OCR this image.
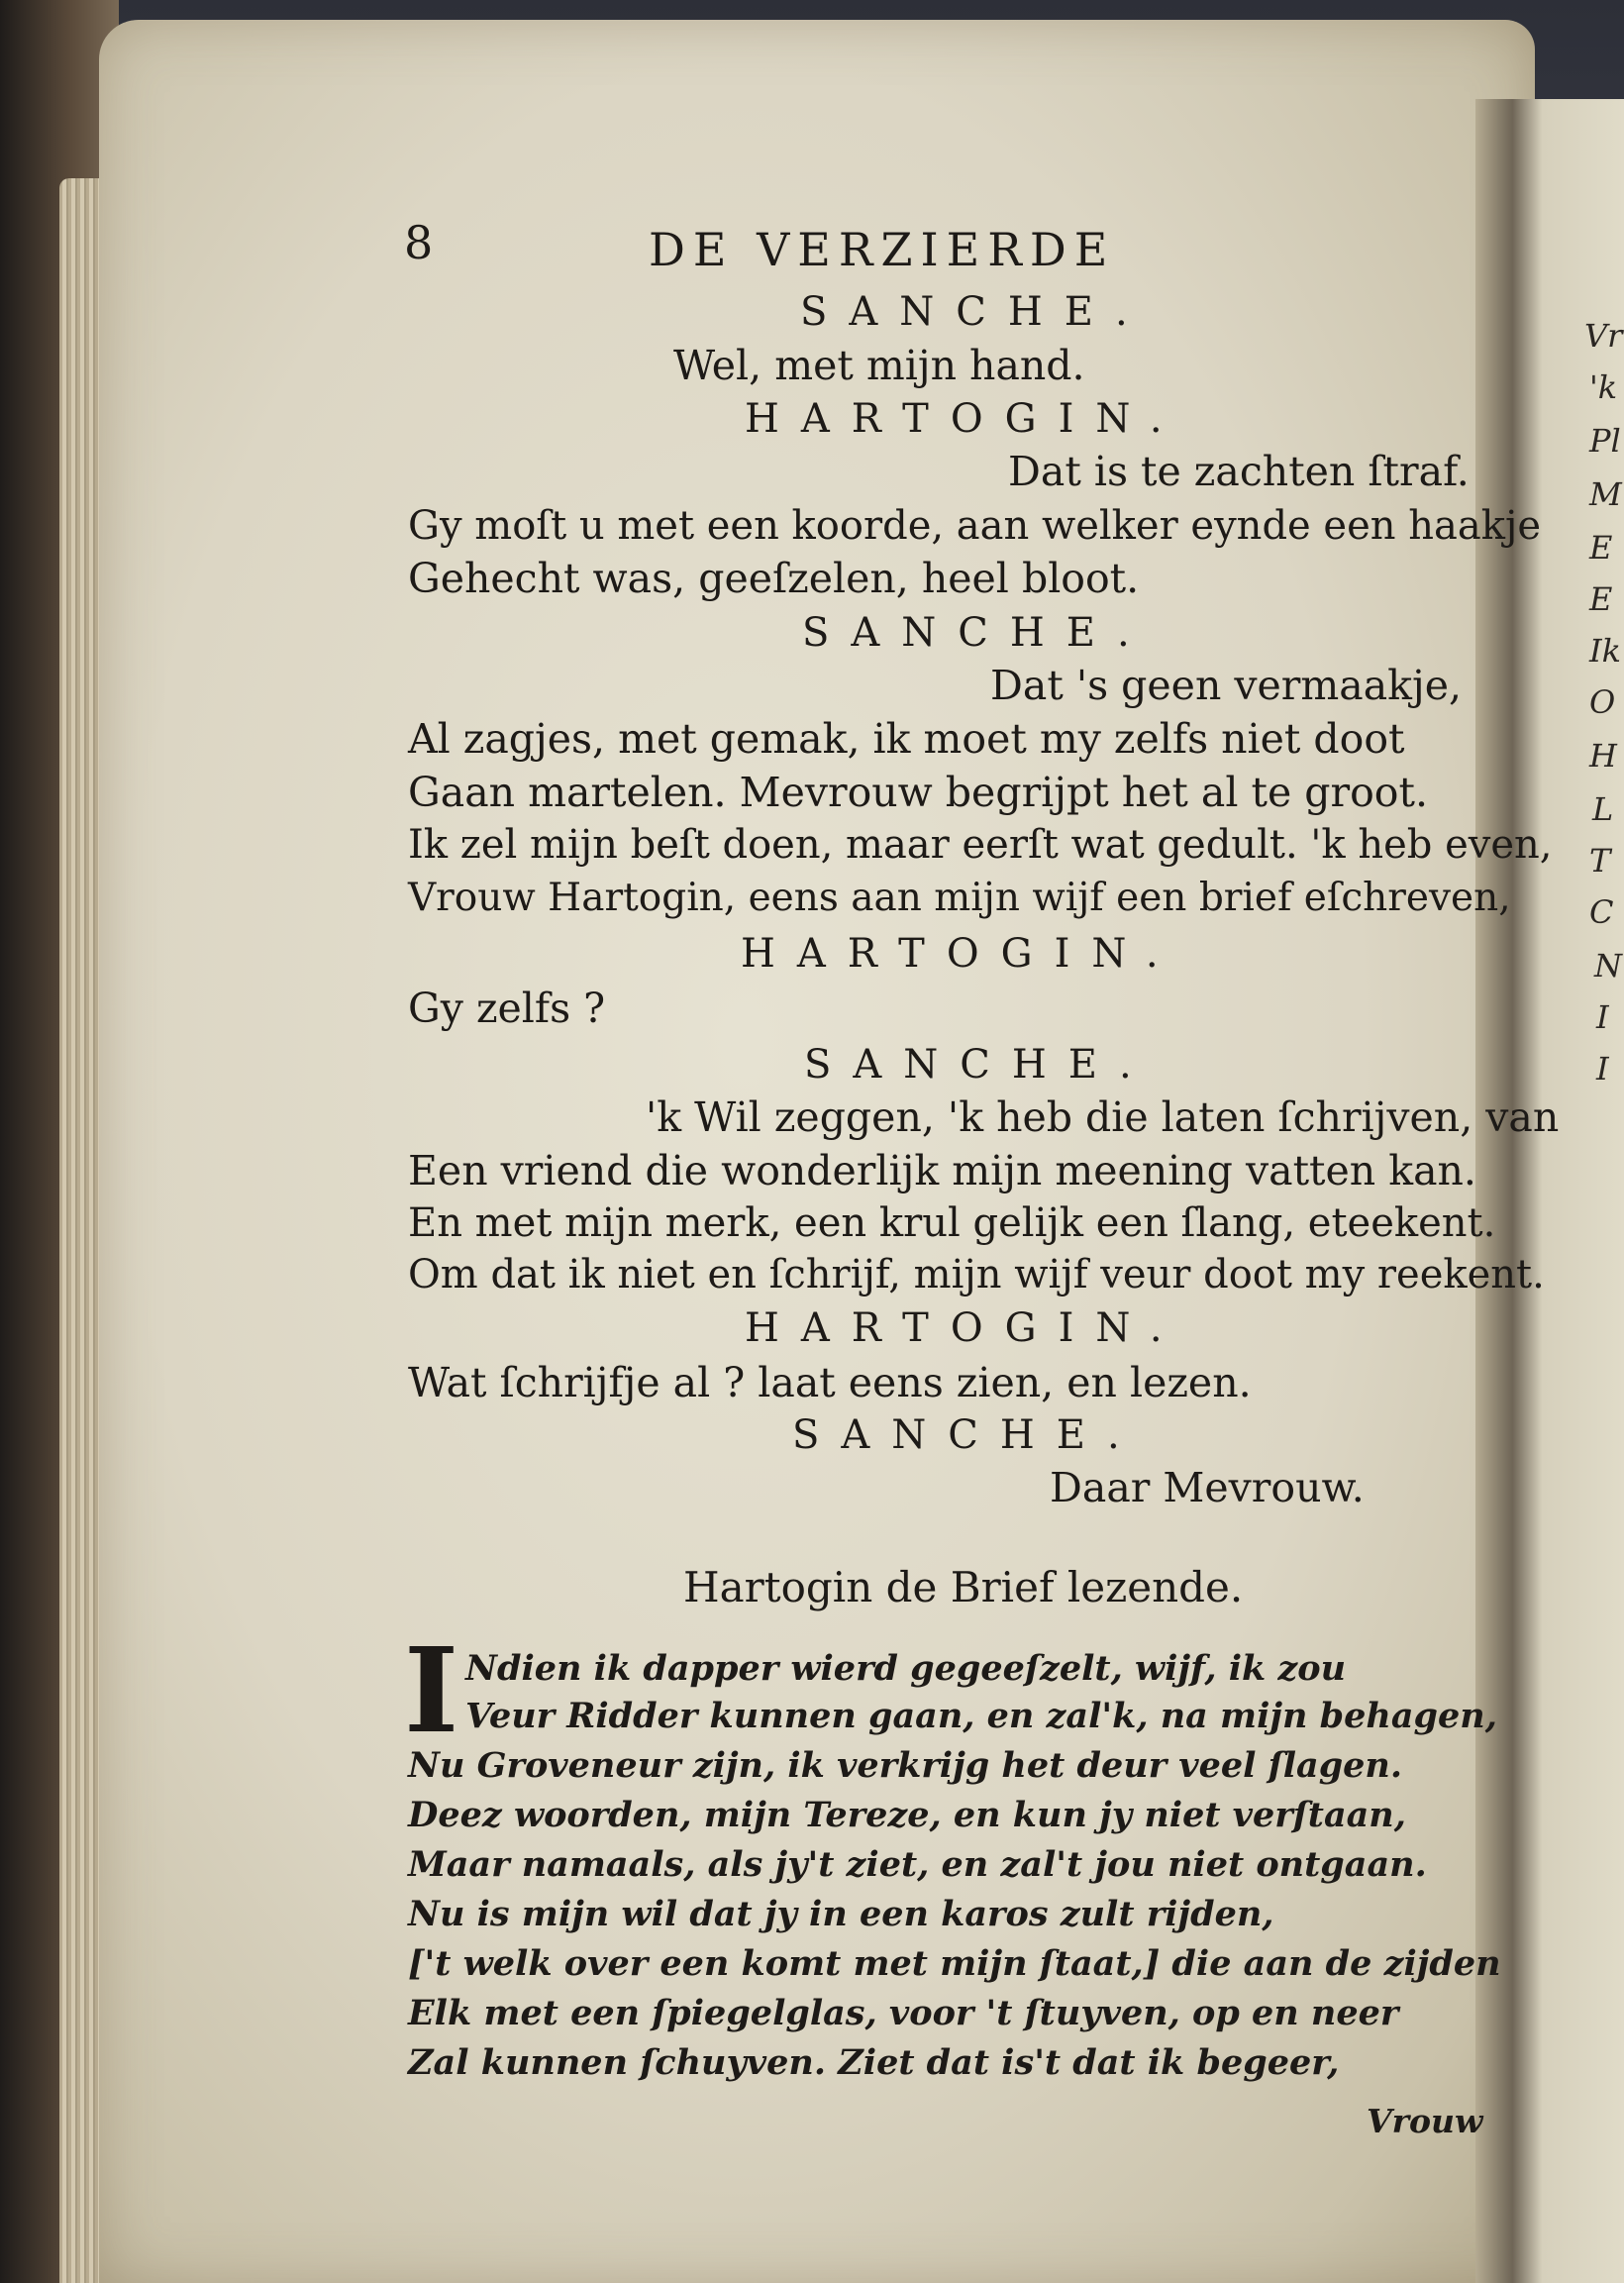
8	DE VERZIERDE
SANCHE.
Wel, met mijn hand.
HARTOGIN.
Dat is te zachten ſtraf.
Gy moſt u met een koorde, aan welker eynde een haakje
Gehecht was, geeſzelen, heel bloot.
SANCHE.
Dat 's geen vermaakje,
Al zagjes, met gemak, ik moet my zelfs niet doot
Gaan martelen. Mevrouw begrijpt het al te groot.
Ik zel mijn beſt doen, maar eerſt wat gedult. 'k heb even,
Vrouw Hartogin, eens aan mijn wijf een brief eſchreven,
HARTOGIN.
Gy zelfs ?
SANCHE.
'k Wil zeggen, 'k heb die laten ſchrijven, van
Een vriend die wonderlijk mijn meening vatten kan.
En met mijn merk, een krul gelijk een ſlang, eteekent.
Om dat ik niet en ſchrijf, mijn wijf veur doot my reekent.
HARTOGIN.
Wat ſchrijfje al ? laat eens zien, en lezen.
SANCHE.
Daar Mevrouw.
Hartogin de Brief lezende.
I Ndien ik dapper wierd gegeeſzelt, wijf, ik zou
Veur Ridder kunnen gaan, en zal'k, na mijn behagen,
Nu Groveneur zijn, ik verkrijg het deur veel ſlagen.
Deez woorden, mijn Tereze, en kun jy niet verſtaan,
Maar namaals, als jy't ziet, en zal't jou niet ontgaan.
Nu is mijn wil dat jy in een karos zult rijden,
['t welk over een komt met mijn ſtaat,] die aan de zijden
Elk met een ſpiegelglas, voor 't ſtuyven, op en neer
Zal kunnen ſchuyven. Ziet dat is't dat ik begeer,
Vrouw
Vr
'k
Pl
M
E
E
Ik
O
H
L
T
C
N
I
I
